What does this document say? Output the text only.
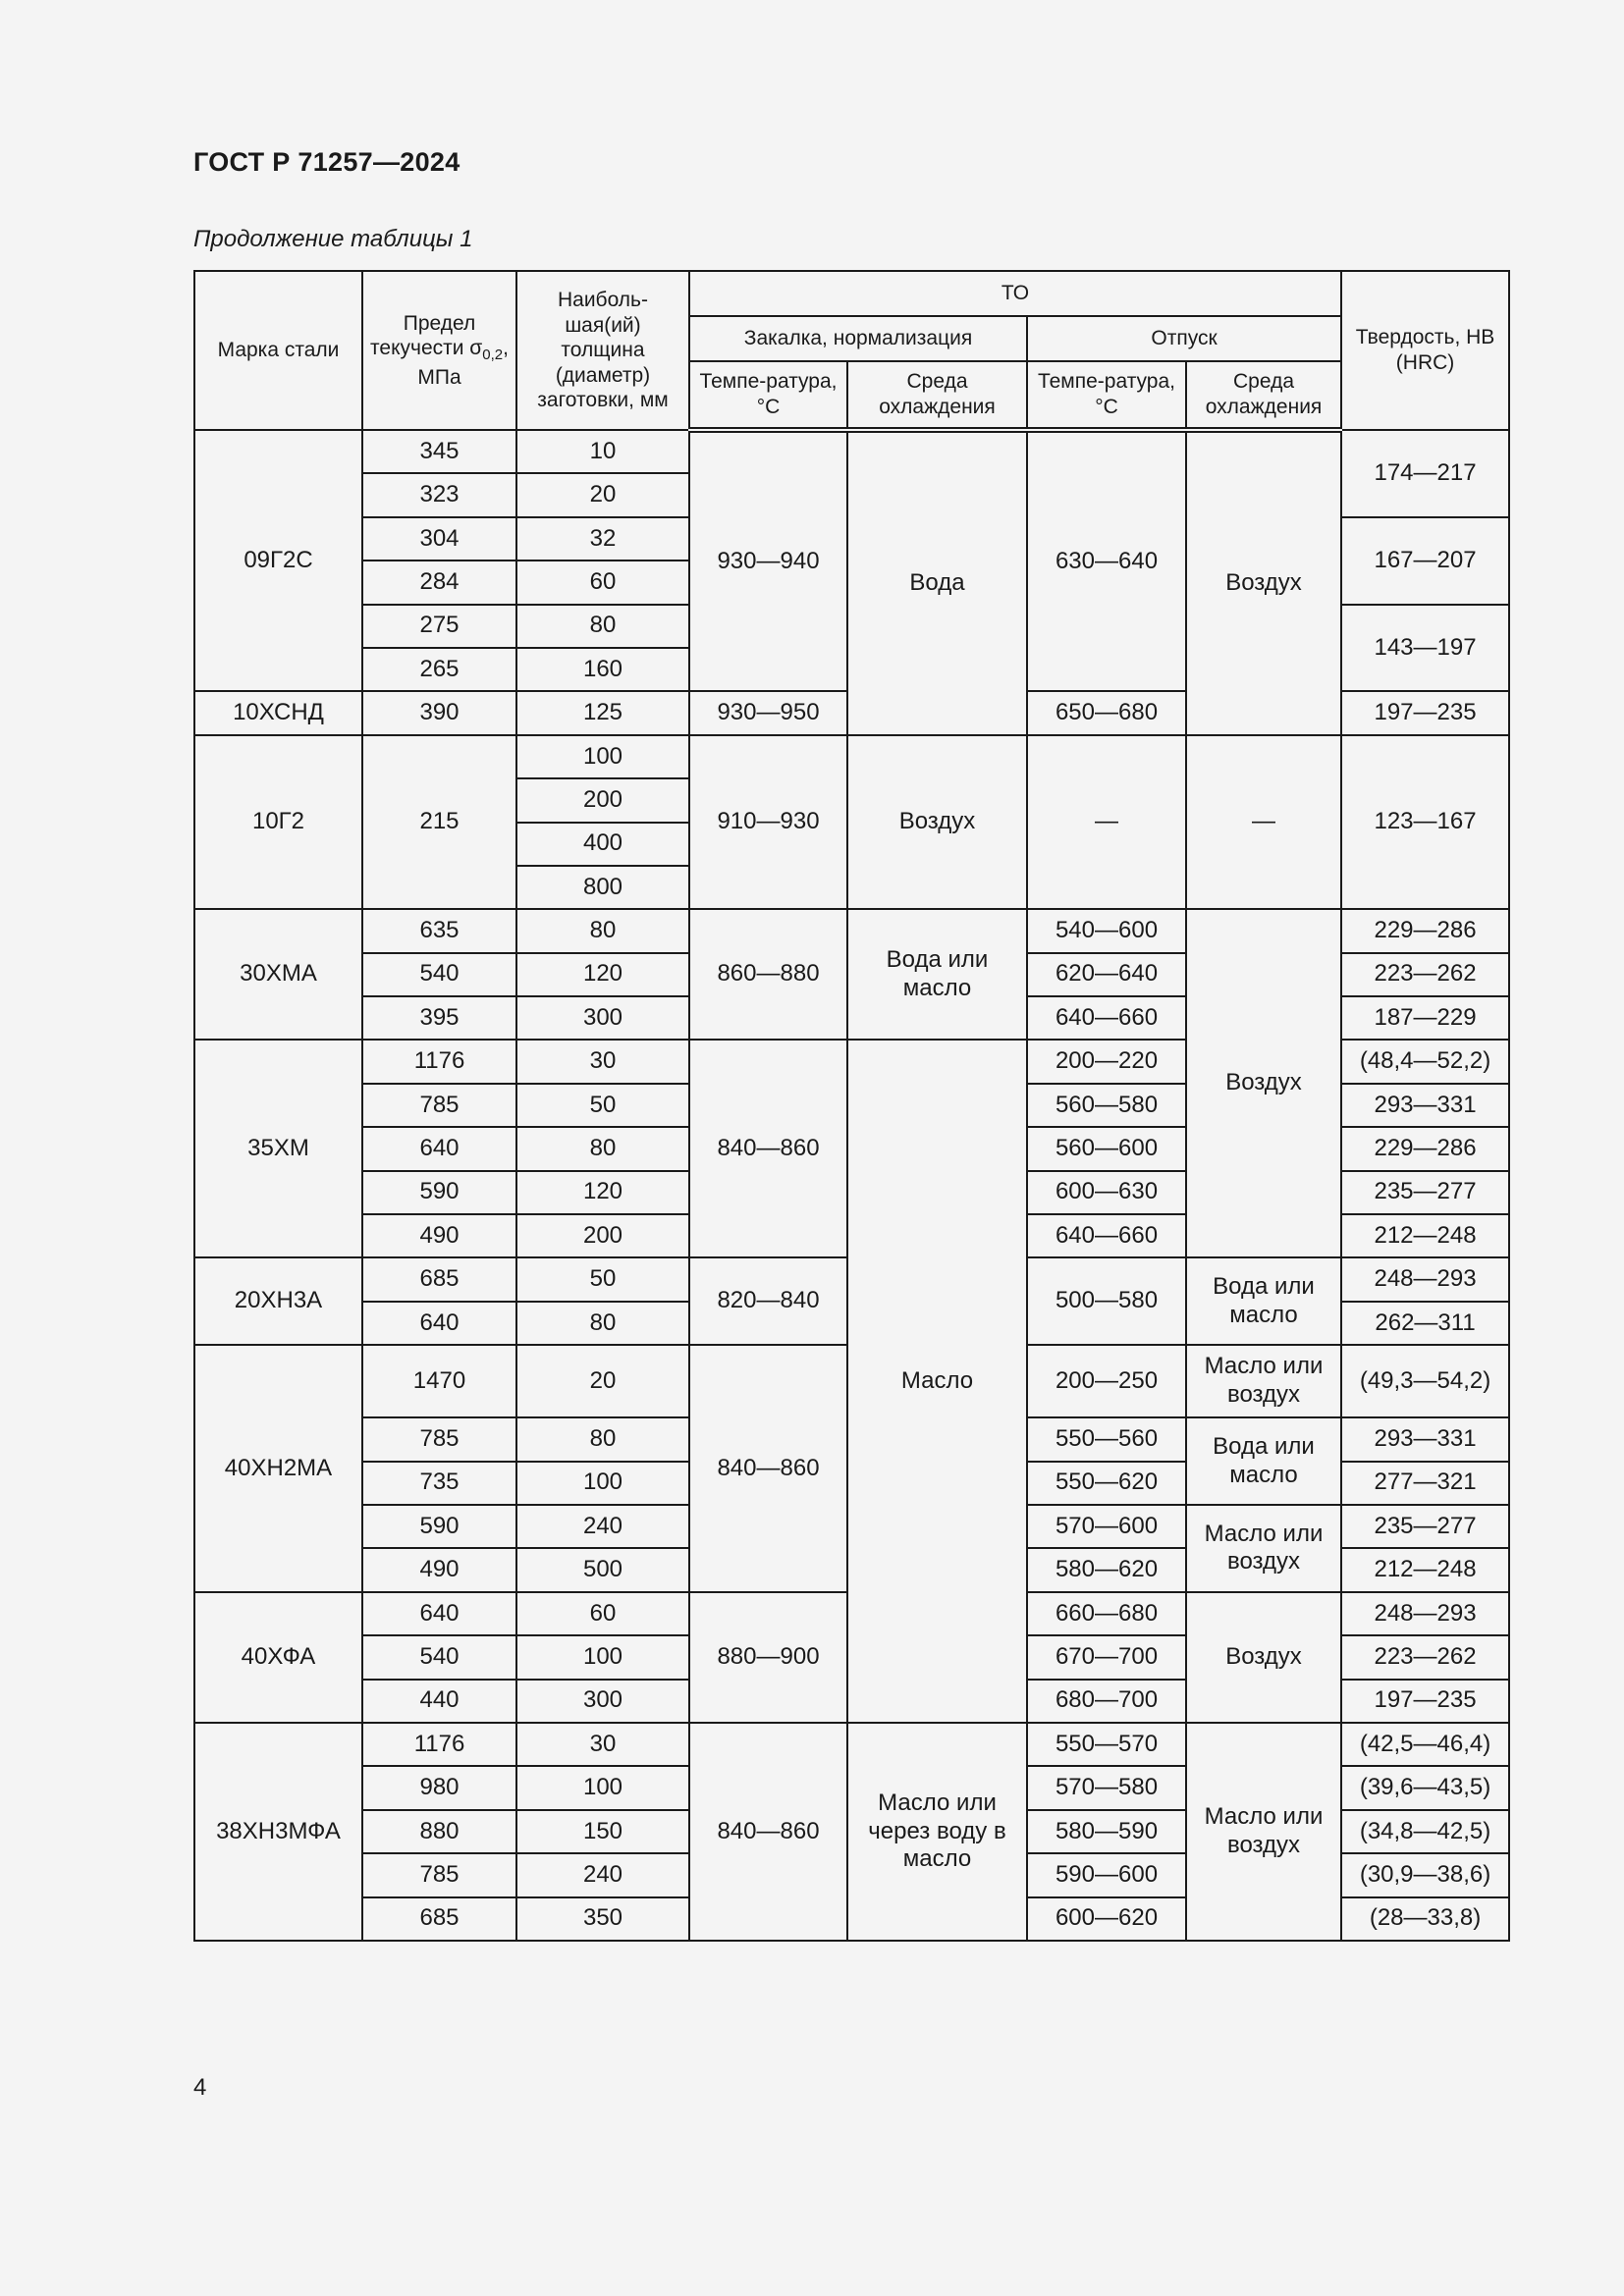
ГОСТ Р 71257—2024
Продолжение таблицы 1
Марка стали	Предел текучести $\sigma_{0,2}$, МПа	Наиболь-шая(ий) толщина (диаметр) заготовки, мм	ТО				Твердость, HB (HRC)
			Закалка, нормализация		Отпуск		
			Темпе-ратура, °С	Среда охлаждения	Темпе-ратура, °С	Среда охлаждения	
09Г2С	345	10	930—940	Вода	630—640	Воздух	174—217
	323	20					
	304	32					167—207
	284	60					
	275	80					143—197
	265	160					
10ХСНД	390	125	930—950		650—680		197—235
10Г2	215	100	910—930	Воздух	—	—	123—167
		200					
		400					
		800					
30ХМА	635	80	860—880	Вода или масло	540—600	Воздух	229—286
	540	120			620—640		223—262
	395	300			640—660		187—229
35ХМ	1176	30	840—860	Масло	200—220		(48,4—52,2)
	785	50			560—580		293—331
	640	80			560—600		229—286
	590	120			600—630		235—277
	490	200			640—660		212—248
20ХН3А	685	50	820—840		500—580	Вода или масло	248—293
	640	80					262—311
40ХН2МА	1470	20	840—860		200—250	Масло или воздух	(49,3—54,2)
	785	80			550—560	Вода или масло	293—331
	735	100			550—620		277—321
	590	240			570—600	Масло или воздух	235—277
	490	500			580—620		212—248
40ХФА	640	60	880—900		660—680	Воздух	248—293
	540	100			670—700		223—262
	440	300			680—700		197—235
38ХН3МФА	1176	30	840—860	Масло или через воду в масло	550—570	Масло или воздух	(42,5—46,4)
	980	100			570—580		(39,6—43,5)
	880	150			580—590		(34,8—42,5)
	785	240			590—600		(30,9—38,6)
	685	350			600—620		(28—33,8)
4
